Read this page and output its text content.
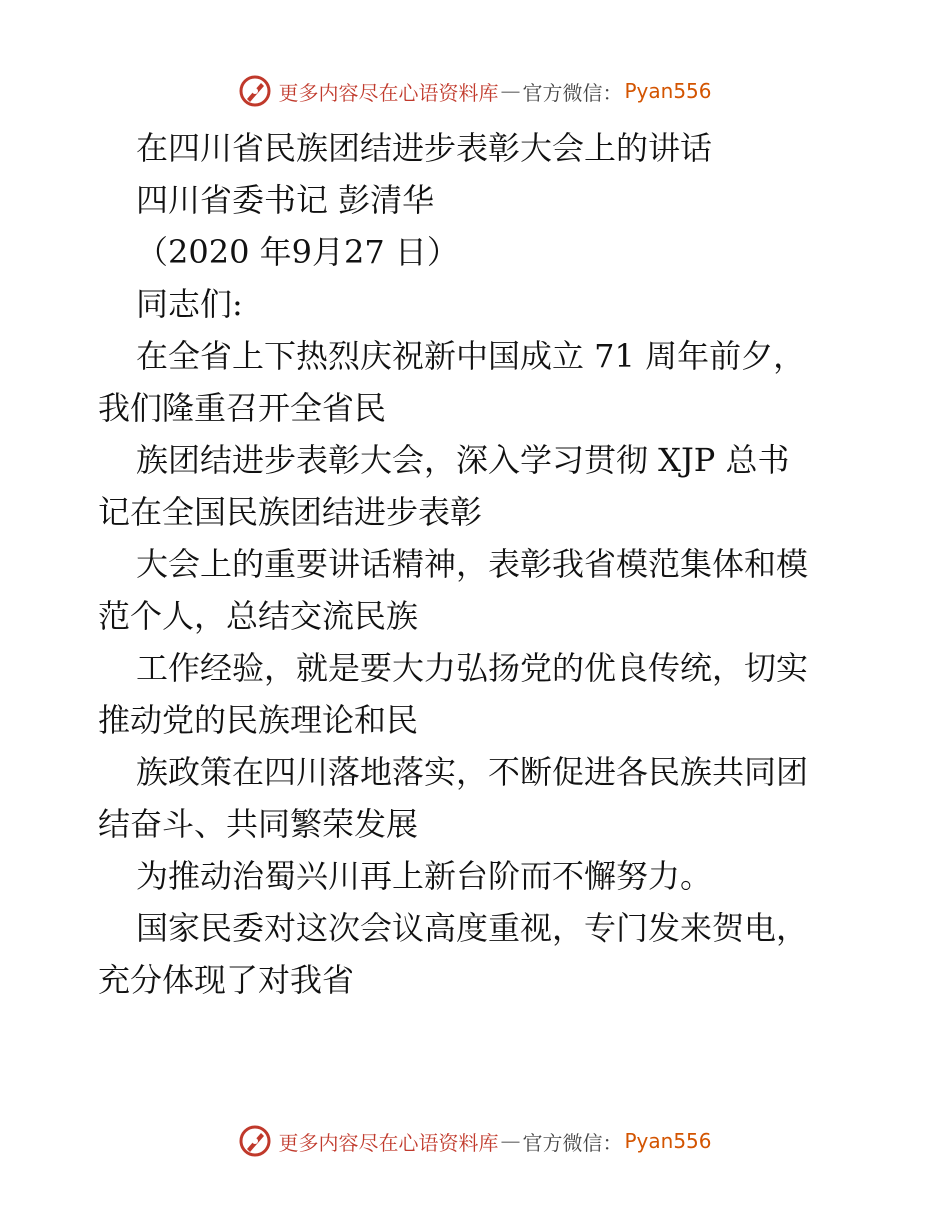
更多内容尽在心语资料库 — 官方微信： Pyan556
在四川省民族团结进步表彰大会上的讲话
四川省委书记 彭清华
（2020 年9月27 日）
同志们:
在全省上下热烈庆祝新中国成立 71 周年前夕，
我们隆重召开全省民
族团结进步表彰大会，深入学习贯彻 XJP 总书
记在全国民族团结进步表彰
大会上的重要讲话精神，表彰我省模范集体和模
范个人，总结交流民族
工作经验，就是要大力弘扬党的优良传统，切实
推动党的民族理论和民
族政策在四川落地落实，不断促进各民族共同团
结奋斗、共同繁荣发展
为推动治蜀兴川再上新台阶而不懈努力。
国家民委对这次会议高度重视，专门发来贺电，
充分体现了对我省
更多内容尽在心语资料库 — 官方微信： Pyan556
